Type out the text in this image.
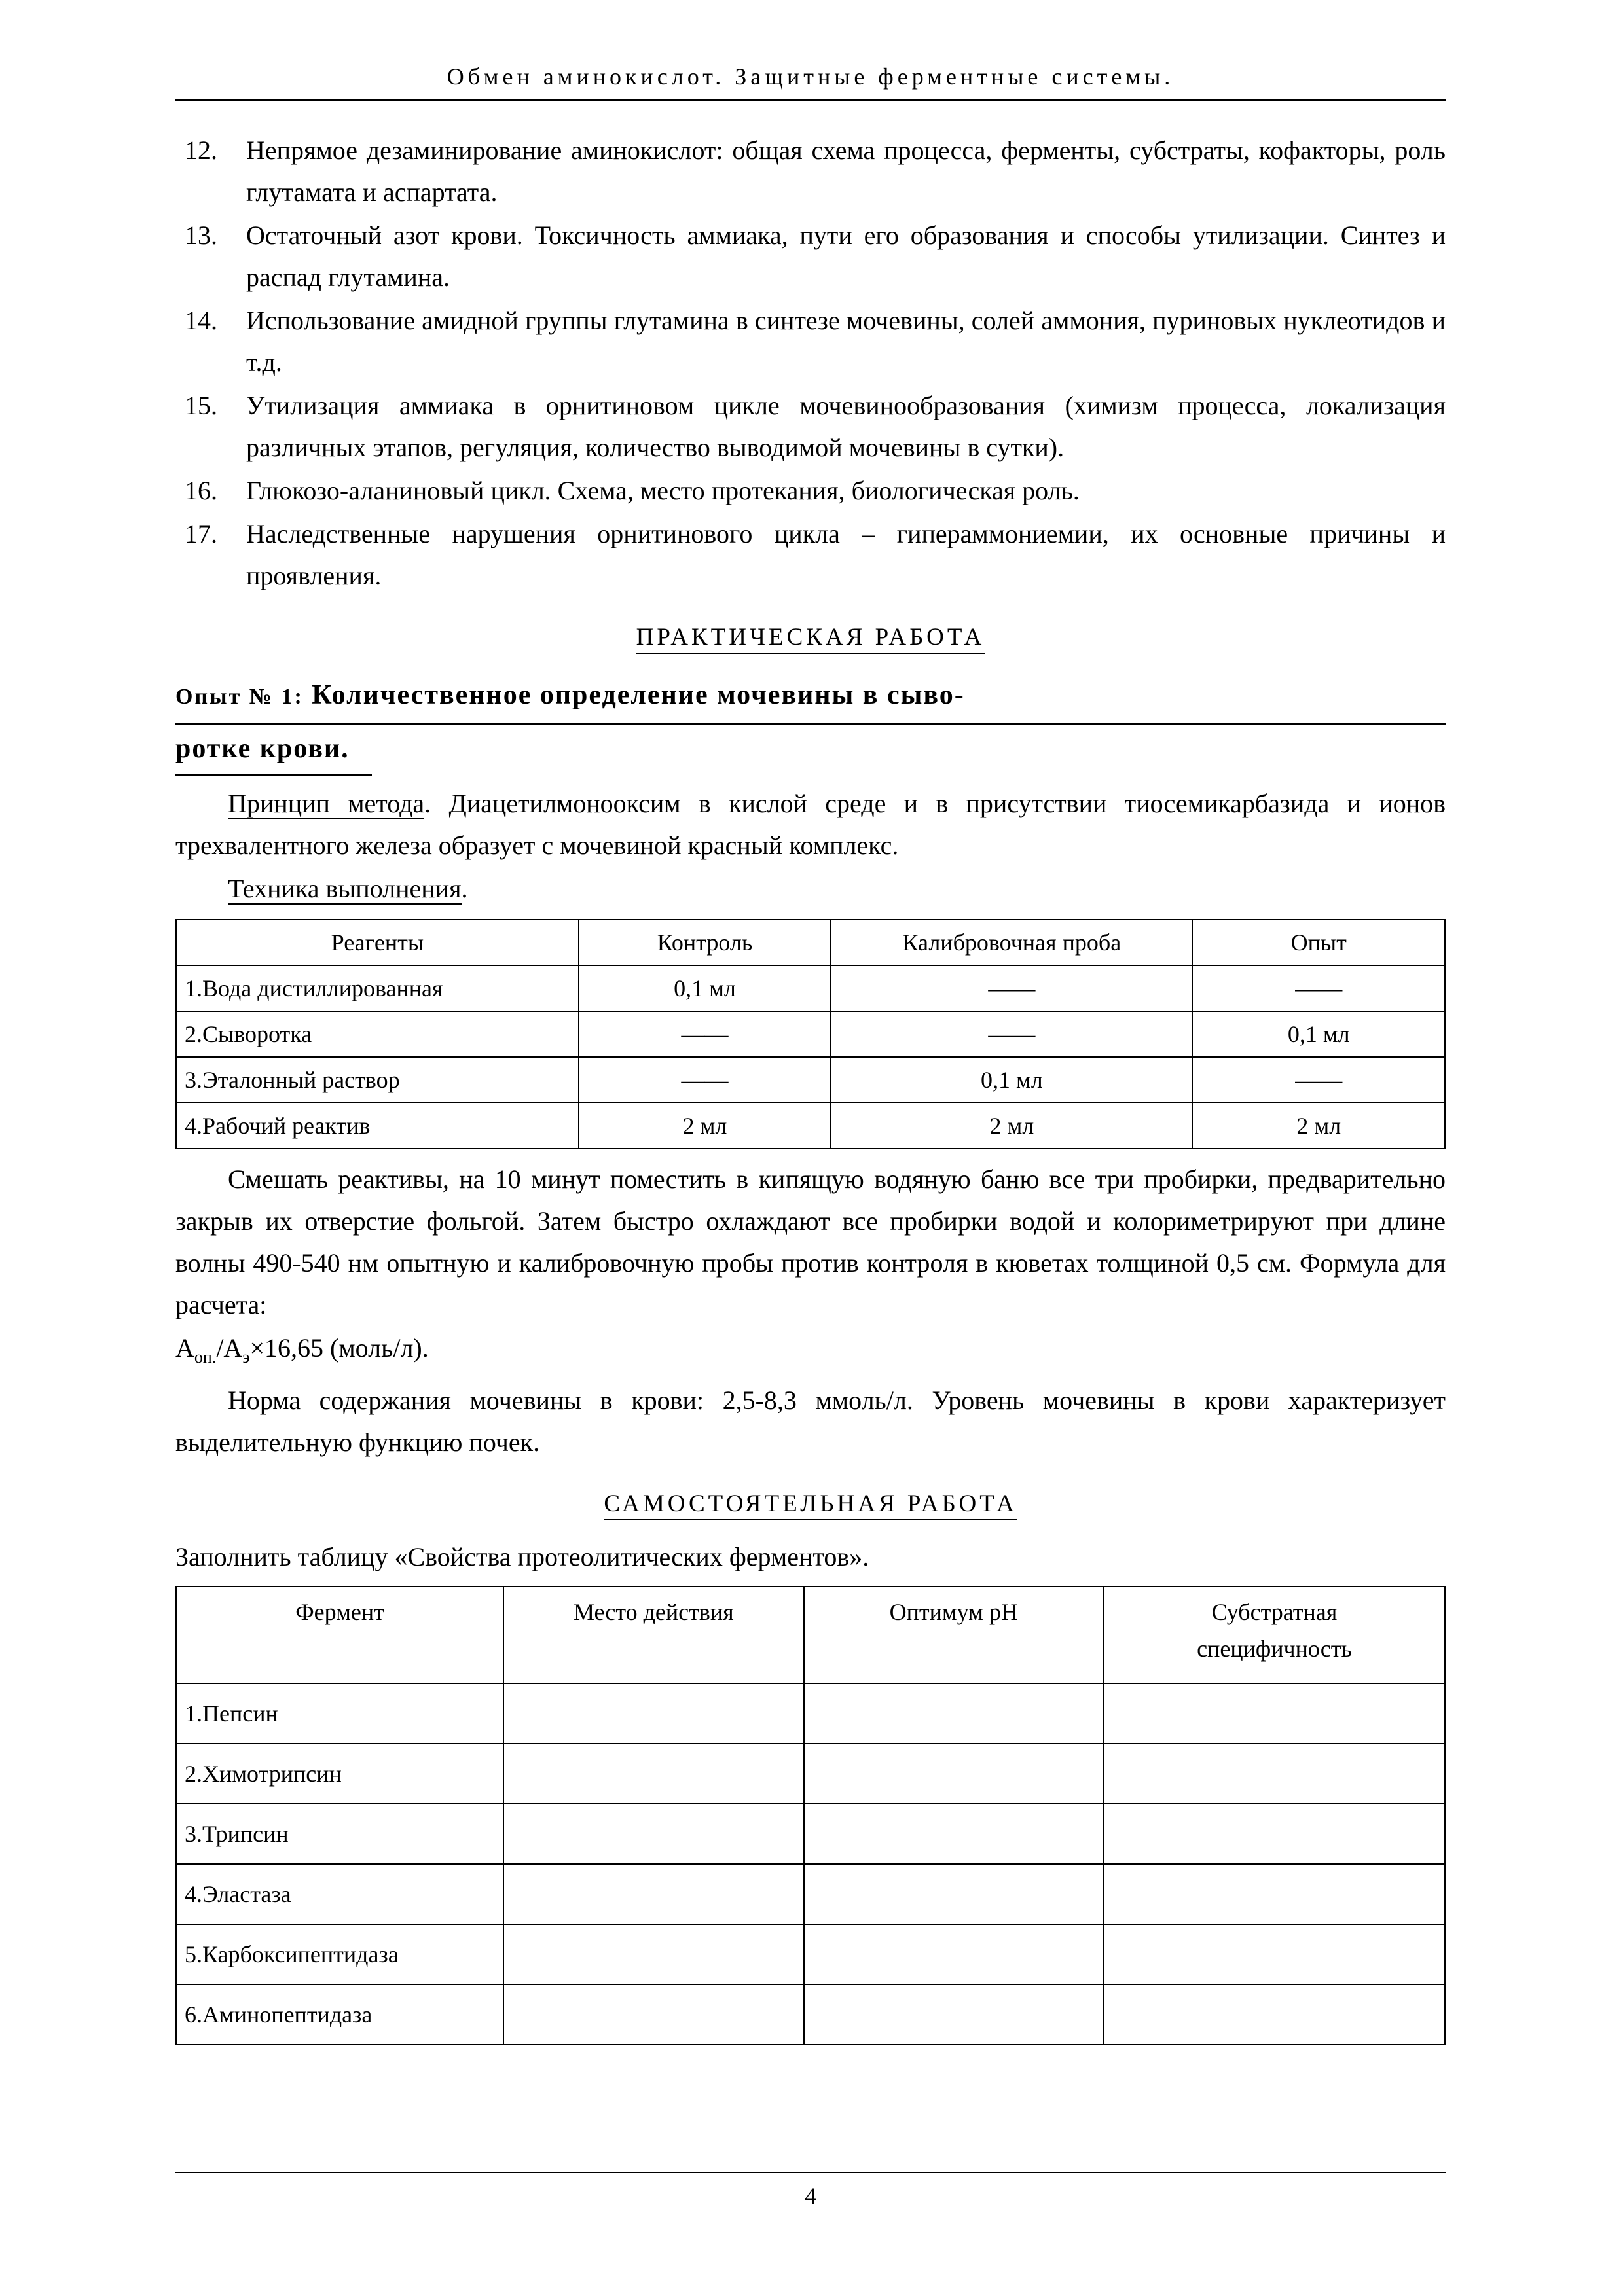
Обмен аминокислот. Защитные ферментные системы.
12.	Непрямое дезаминирование аминокислот: общая схема процесса, ферменты, субстраты, кофакторы, роль глутамата и аспартата.
13.	Остаточный азот крови. Токсичность аммиака, пути его образования и способы утилизации. Синтез и распад глутамина.
14.	Использование амидной группы глутамина в синтезе мочевины, солей аммония, пуриновых нуклеотидов и т.д.
15.	Утилизация аммиака в орнитиновом цикле мочевинообразования (химизм процесса, локализация различных этапов, регуляция, количество выводимой мочевины в сутки).
16.	Глюкозо-аланиновый цикл. Схема, место протекания, биологическая роль.
17.	Наследственные нарушения орнитинового цикла – гипераммониемии, их основные причины и проявления.
ПРАКТИЧЕСКАЯ РАБОТА
Опыт № 1: Количественное определение мочевины в сыво-
ротке крови.

Принцип метода. Диацетилмонооксим в кислой среде и в присутствии тиосемикарбазида и ионов трехвалентного железа образует с мочевиной красный комплекс.

Техника выполнения.

Реагенты	Контроль	Калибровочная проба	Опыт
1.Вода дистиллированная	0,1 мл	——	——
2.Сыворотка	——	——	0,1 мл
3.Эталонный раствор	——	0,1 мл	——
4.Рабочий реактив	2 мл	2 мл	2 мл

Смешать реактивы, на 10 минут поместить в кипящую водяную баню все три пробирки, предварительно закрыв их отверстие фольгой. Затем быстро охлаждают все пробирки водой и колориметрируют при длине волны 490-540 нм опытную и калибровочную пробы против контроля в кюветах толщиной 0,5 см. Формула для расчета:

$А_{оп.}/А_э\times 16,65$ (моль/л).

Норма содержания мочевины в крови: 2,5-8,3 ммоль/л. Уровень мочевины в крови характеризует выделительную функцию почек.

САМОСТОЯТЕЛЬНАЯ РАБОТА

Заполнить таблицу «Свойства протеолитических ферментов».

Фермент	Место действия	Оптимум рН	Субстратная
специфичность

1.Пепсин			
2.Химотрипсин			
3.Трипсин			
4.Эластаза			
5.Карбоксипептидаза			
6.Аминопептидаза			
4
